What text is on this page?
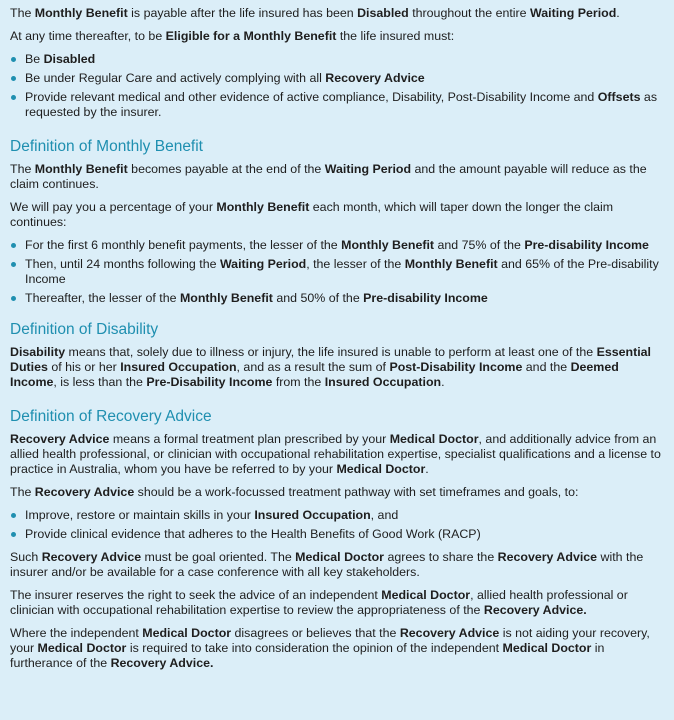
The Monthly Benefit is payable after the life insured has been Disabled throughout the entire Waiting Period.

At any time thereafter, to be Eligible for a Monthly Benefit the life insured must:

Be Disabled
Be under Regular Care and actively complying with all Recovery Advice
Provide relevant medical and other evidence of active compliance, Disability, Post-Disability Income and Offsets as requested by the insurer.
Definition of Monthly Benefit

The Monthly Benefit becomes payable at the end of the Waiting Period and the amount payable will reduce as the claim continues.

We will pay you a percentage of your Monthly Benefit each month, which will taper down the longer the claim continues:

For the first 6 monthly benefit payments, the lesser of the Monthly Benefit and 75% of the Pre-disability Income
Then, until 24 months following the Waiting Period, the lesser of the Monthly Benefit and 65% of the Pre-disability Income
Thereafter, the lesser of the Monthly Benefit and 50% of the Pre-disability Income
Definition of Disability

Disability means that, solely due to illness or injury, the life insured is unable to perform at least one of the Essential Duties of his or her Insured Occupation, and as a result the sum of Post-Disability Income and the Deemed Income, is less than the Pre-Disability Income from the Insured Occupation.

Definition of Recovery Advice

Recovery Advice means a formal treatment plan prescribed by your Medical Doctor, and additionally advice from an allied health professional, or clinician with occupational rehabilitation expertise, specialist qualifications and a license to practice in Australia, whom you have be referred to by your Medical Doctor.

The Recovery Advice should be a work-focussed treatment pathway with set timeframes and goals, to:

Improve, restore or maintain skills in your Insured Occupation, and
Provide clinical evidence that adheres to the Health Benefits of Good Work (RACP)

Such Recovery Advice must be goal oriented. The Medical Doctor agrees to share the Recovery Advice with the insurer and/or be available for a case conference with all key stakeholders.

The insurer reserves the right to seek the advice of an independent Medical Doctor, allied health professional or clinician with occupational rehabilitation expertise to review the appropriateness of the Recovery Advice.

Where the independent Medical Doctor disagrees or believes that the Recovery Advice is not aiding your recovery, your Medical Doctor is required to take into consideration the opinion of the independent Medical Doctor in furtherance of the Recovery Advice.
